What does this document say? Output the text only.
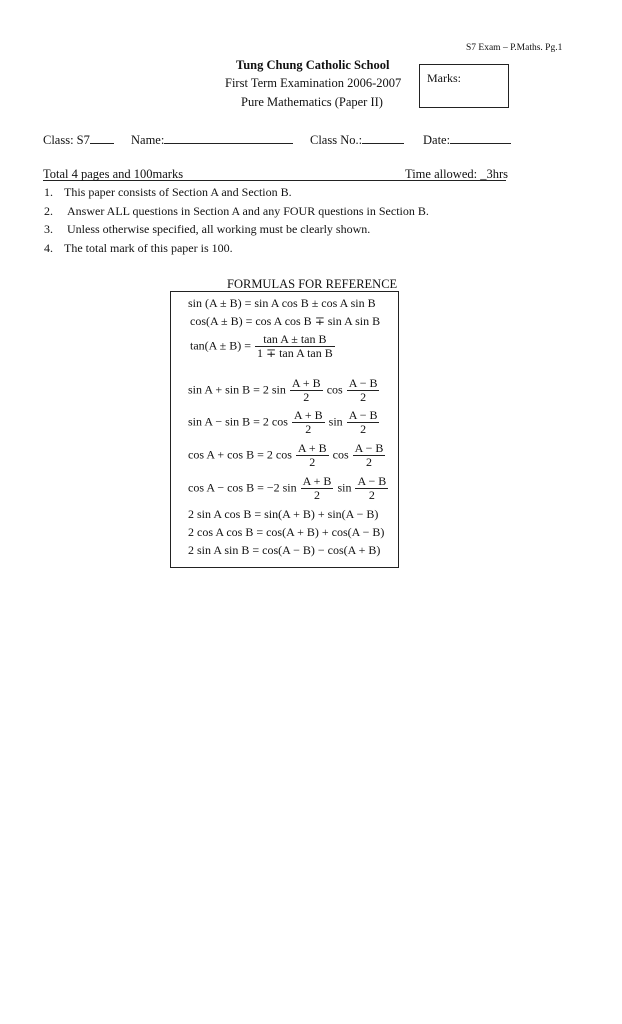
S7 Exam – P.Maths. Pg.1
Tung Chung Catholic School
First Term Examination 2006-2007
Pure Mathematics (Paper II)
Marks:
Class: S7	Name:	Class No.:	Date:
Total 4 pages and 100marks	Time allowed: _3hrs
1. This paper consists of Section A and Section B.
2. Answer ALL questions in Section A and any FOUR questions in Section B.
3. Unless otherwise specified, all working must be clearly shown.
4. The total mark of this paper is 100.
FORMULAS FOR REFERENCE
sin (A ± B) = sin A cos B ± cos A sin B
cos(A ± B) = cos A cos B ∓ sin A sin B
$\tan(A \pm B) = \frac{\text{tan A ± tan B}}{\text{1 ∓ tan A tan B}}$
sin A + sin B = 2 $\sin \frac{A + B}{2}$ $\cos \frac{A - B}{2}$
sin A − sin B = 2 $\cos \frac{A + B}{2}$ $\sin \frac{A - B}{2}$
cos A + cos B = 2 $\cos \frac{A + B}{2}$ $\cos \frac{A - B}{2}$
cos A − cos B = −2 $\sin \frac{A + B}{2}$ $\sin \frac{A - B}{2}$
2 sin A cos B = sin(A + B) + sin(A − B)
2 cos A cos B = cos(A + B) + cos(A − B)
2 sin A sin B = cos(A − B) − cos(A + B)
